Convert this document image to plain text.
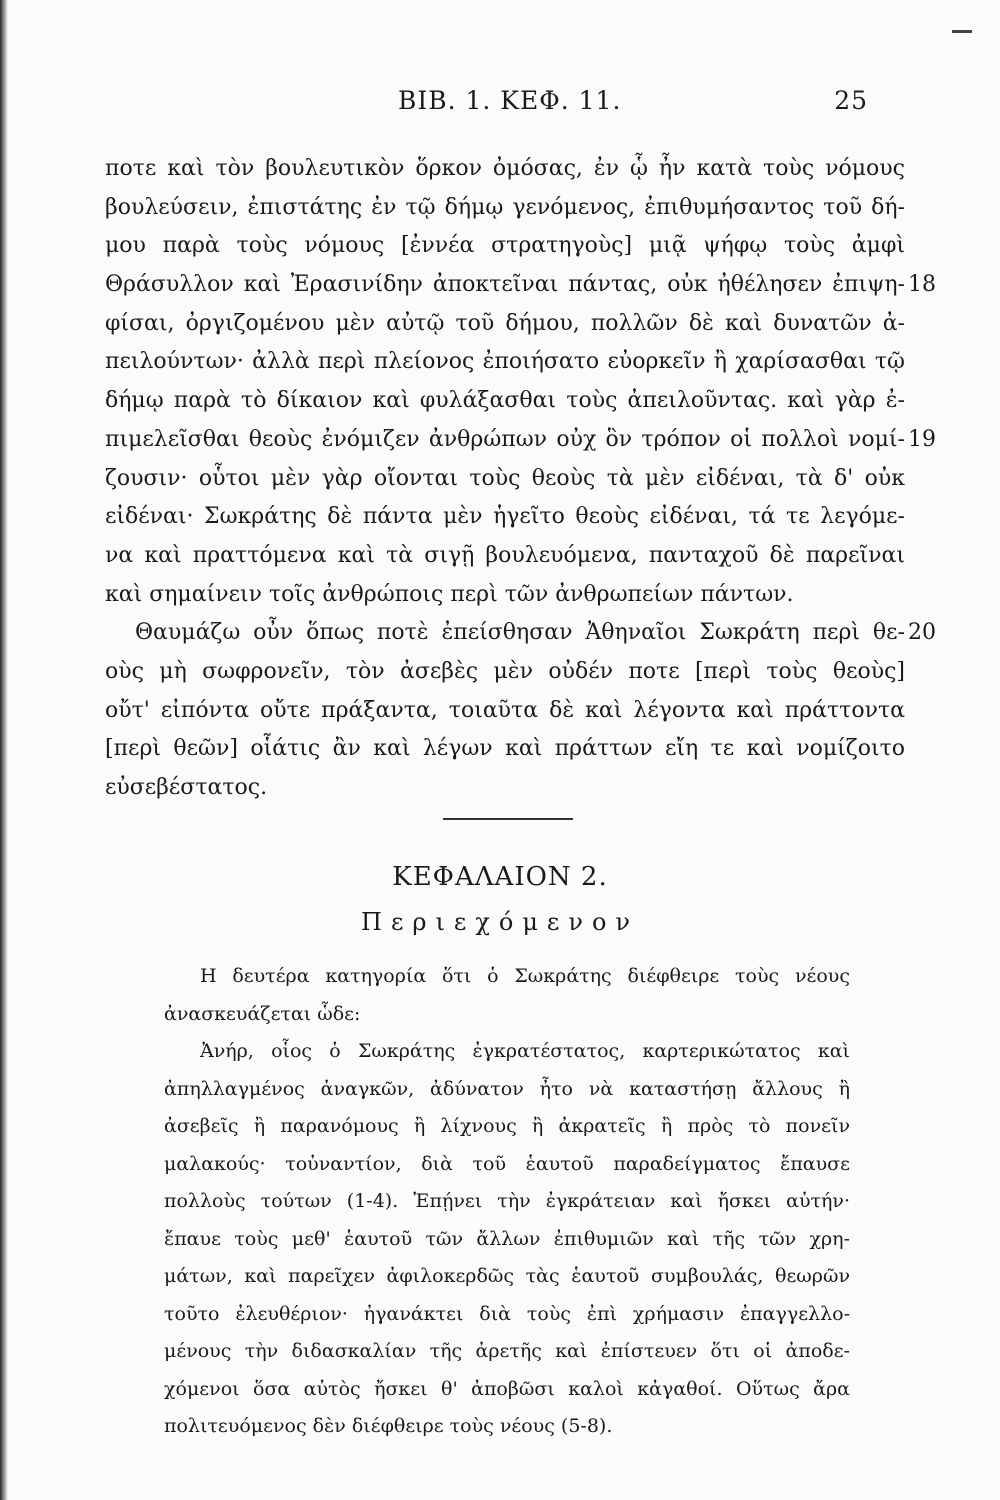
ΒΙΒ. 1. ΚΕΦ. 11.	25
ποτε καὶ τὸν βουλευτικὸν ὅρκον ὀμόσας, ἐν ᾧ ἦν κατὰ τοὺς νόμους
βουλεύσειν, ἐπιστάτης ἐν τῷ δήμῳ γενόμενος, ἐπιθυμήσαντος τοῦ δή-
μου παρὰ τοὺς νόμους [ἐννέα στρατηγοὺς] μιᾷ ψήφῳ τοὺς ἀμφὶ
Θράσυλλον καὶ Ἐρασινίδην ἀποκτεῖναι πάντας, οὐκ ἠθέλησεν ἐπιψη- 18
φίσαι, ὀργιζομένου μὲν αὐτῷ τοῦ δήμου, πολλῶν δὲ καὶ δυνατῶν ἀ-
πειλούντων· ἀλλὰ περὶ πλείονος ἐποιήσατο εὐορκεῖν ἢ χαρίσασθαι τῷ
δήμῳ παρὰ τὸ δίκαιον καὶ φυλάξασθαι τοὺς ἀπειλοῦντας. καὶ γὰρ ἐ-
πιμελεῖσθαι θεοὺς ἐνόμιζεν ἀνθρώπων οὐχ ὃν τρόπον οἱ πολλοὶ νομί- 19
ζουσιν· οὗτοι μὲν γὰρ οἴονται τοὺς θεοὺς τὰ μὲν εἰδέναι, τὰ δ' οὐκ
εἰδέναι· Σωκράτης δὲ πάντα μὲν ἡγεῖτο θεοὺς εἰδέναι, τά τε λεγόμε-
να καὶ πραττόμενα καὶ τὰ σιγῇ βουλευόμενα, πανταχοῦ δὲ παρεῖναι
καὶ σημαίνειν τοῖς ἀνθρώποις περὶ τῶν ἀνθρωπείων πάντων.
Θαυμάζω οὖν ὅπως ποτὲ ἐπείσθησαν Ἀθηναῖοι Σωκράτη περὶ θε- 20
οὺς μὴ σωφρονεῖν, τὸν ἀσεβὲς μὲν οὐδέν ποτε [περὶ τοὺς θεοὺς]
οὔτ' εἰπόντα οὔτε πράξαντα, τοιαῦτα δὲ καὶ λέγοντα καὶ πράττοντα
[περὶ θεῶν] οἷάτις ἂν καὶ λέγων καὶ πράττων εἴη τε καὶ νομίζοιτο
εὐσεβέστατος.
ΚΕΦΑΛΑΙΟΝ 2.
Περιεχόμενον
Η δευτέρα κατηγορία ὅτι ὁ Σωκράτης διέφθειρε τοὺς νέους
ἀνασκευάζεται ὧδε:
Ἀνήρ, οἷος ὁ Σωκράτης ἐγκρατέστατος, καρτερικώτατος καὶ
ἀπηλλαγμένος ἀναγκῶν, ἀδύνατον ἦτο νὰ καταστήσῃ ἄλλους ἢ
ἀσεβεῖς ἢ παρανόμους ἢ λίχνους ἢ ἀκρατεῖς ἢ πρὸς τὸ πονεῖν
μαλακούς· τοὐναντίον, διὰ τοῦ ἑαυτοῦ παραδείγματος ἔπαυσε
πολλοὺς τούτων (1-4). Ἐπῄνει τὴν ἐγκράτειαν καὶ ἤσκει αὐτήν·
ἔπαυε τοὺς μεθ' ἑαυτοῦ τῶν ἄλλων ἐπιθυμιῶν καὶ τῆς τῶν χρη-
μάτων, καὶ παρεῖχεν ἀφιλοκερδῶς τὰς ἑαυτοῦ συμβουλάς, θεωρῶν
τοῦτο ἐλευθέριον· ἠγανάκτει διὰ τοὺς ἐπὶ χρήμασιν ἐπαγγελλο-
μένους τὴν διδασκαλίαν τῆς ἀρετῆς καὶ ἐπίστευεν ὅτι οἱ ἀποδε-
χόμενοι ὅσα αὐτὸς ἤσκει θ' ἀποβῶσι καλοὶ κἀγαθοί. Οὕτως ἄρα
πολιτευόμενος δὲν διέφθειρε τοὺς νέους (5-8).
